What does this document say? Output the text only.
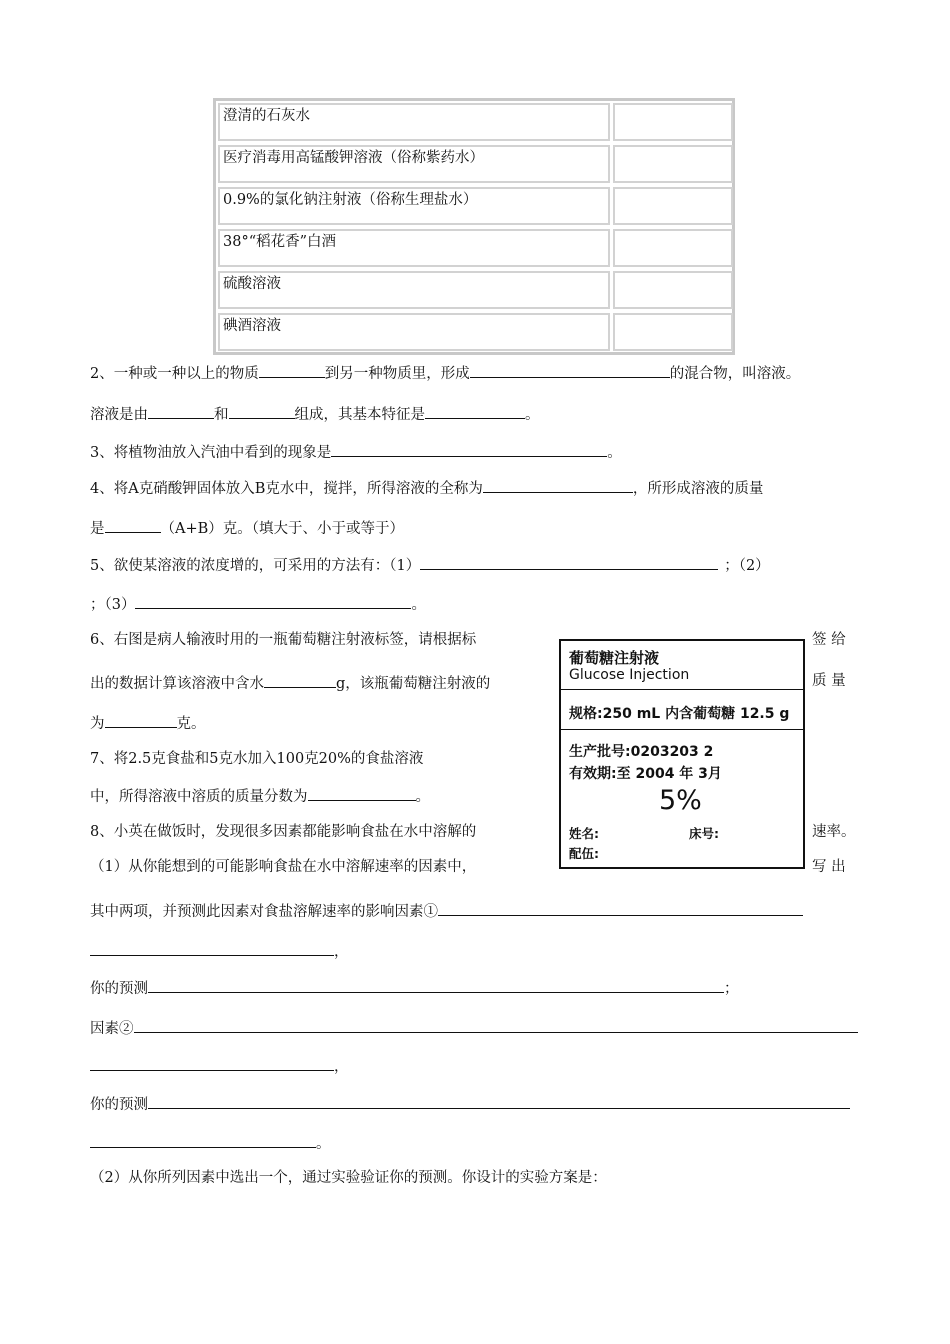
澄清的石灰水
医疗消毒用高锰酸钾溶液（俗称紫药水）
0.9%的氯化钠注射液（俗称生理盐水）
38°“稻花香”白酒
硫酸溶液
碘酒溶液
2、一种或一种以上的物质	到另一种物质里，形成	的混合物，叫溶液。
溶液是由	和	组成，其基本特征是	。
3、将植物油放入汽油中看到的现象是	。
4、将A克硝酸钾固体放入B克水中，搅拌，所得溶液的全称为	，所形成溶液的质量
是	（A+B）克。（填大于、小于或等于）
5、欲使某溶液的浓度增的，可采用的方法有：（1）	；（2）
；（3）	。
6、右图是病人输液时用的一瓶葡萄糖注射液标签，请根据标	签 给
出的数据计算该溶液中含水	g，该瓶葡萄糖注射液的	质 量
为	克。
7、将2.5克食盐和5克水加入100克20%的食盐溶液
中，所得溶液中溶质的质量分数为	。
8、小英在做饭时，发现很多因素都能影响食盐在水中溶解的	速率。
（1）从你能想到的可能影响食盐在水中溶解速率的因素中，	写 出
其中两项，并预测此因素对食盐溶解速率的影响因素①
，
你的预测	；
因素②
，
你的预测
。
（2）从你所列因素中选出一个，通过实验验证你的预测。你设计的实验方案是：
葡萄糖注射液
Glucose Injection
规格:250 mL 内含葡萄糖 12.5 g
生产批号:0203203 2
有效期:至 2004 年 3月
5%
姓名:	床号:
配伍:
